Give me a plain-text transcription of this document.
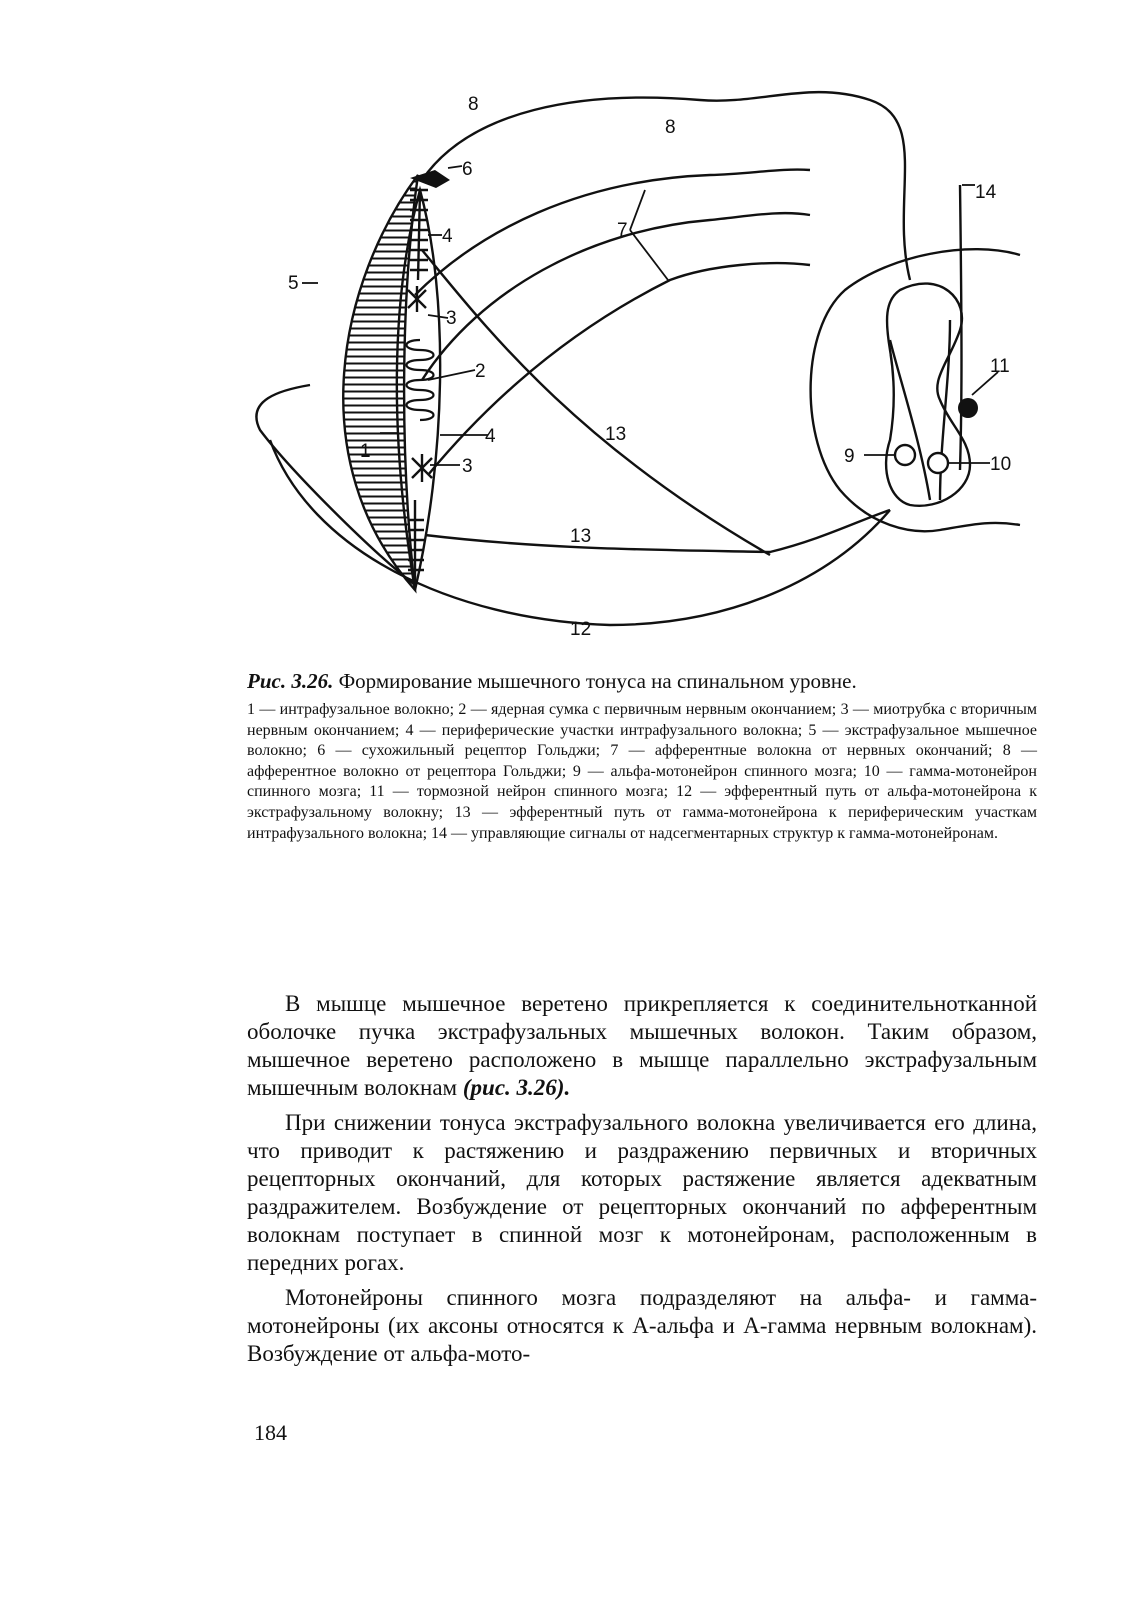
1
2
3
3
4
4
5
6
7
8
8
9	10
11
12
13
13
14

Рис. 3.26. Формирование мышечного тонуса на спинальном уровне.

1 — интрафузальное волокно; 2 — ядерная сумка с первичным нервным окончанием; 3 — миотрубка с вторичным нервным окончанием; 4 — периферические участки интрафузального волокна; 5 — экстрафузальное мышечное волокно; 6 — сухожильный рецептор Гольджи; 7 — афферентные волокна от нервных окончаний; 8 — афферентное волокно от рецептора Гольджи; 9 — альфа-мотонейрон спинного мозга; 10 — гамма-мотонейрон спинного мозга; 11 — тормозной нейрон спинного мозга; 12 — эфферентный путь от альфа-мотонейрона к экстрафузальному волокну; 13 — эфферентный путь от гамма-мотонейрона к периферическим участкам интрафузального волокна; 14 — управляющие сигналы от надсегментарных структур к гамма-мотонейронам.

В мышце мышечное веретено прикрепляется к соединительнотканной оболочке пучка экстрафузальных мышечных волокон. Таким образом, мышечное веретено расположено в мышце параллельно экстрафузальным мышечным волокнам (рис. 3.26).

При снижении тонуса экстрафузального волокна увеличивается его длина, что приводит к растяжению и раздражению первичных и вторичных рецепторных окончаний, для которых растяжение является адекватным раздражителем. Возбуждение от рецепторных окончаний по афферентным волокнам поступает в спинной мозг к мотонейронам, расположенным в передних рогах.

Мотонейроны спинного мозга подразделяют на альфа- и гамма-мотонейроны (их аксоны относятся к А-альфа и А-гамма нервным волокнам). Возбуждение от альфа-мото-

184
